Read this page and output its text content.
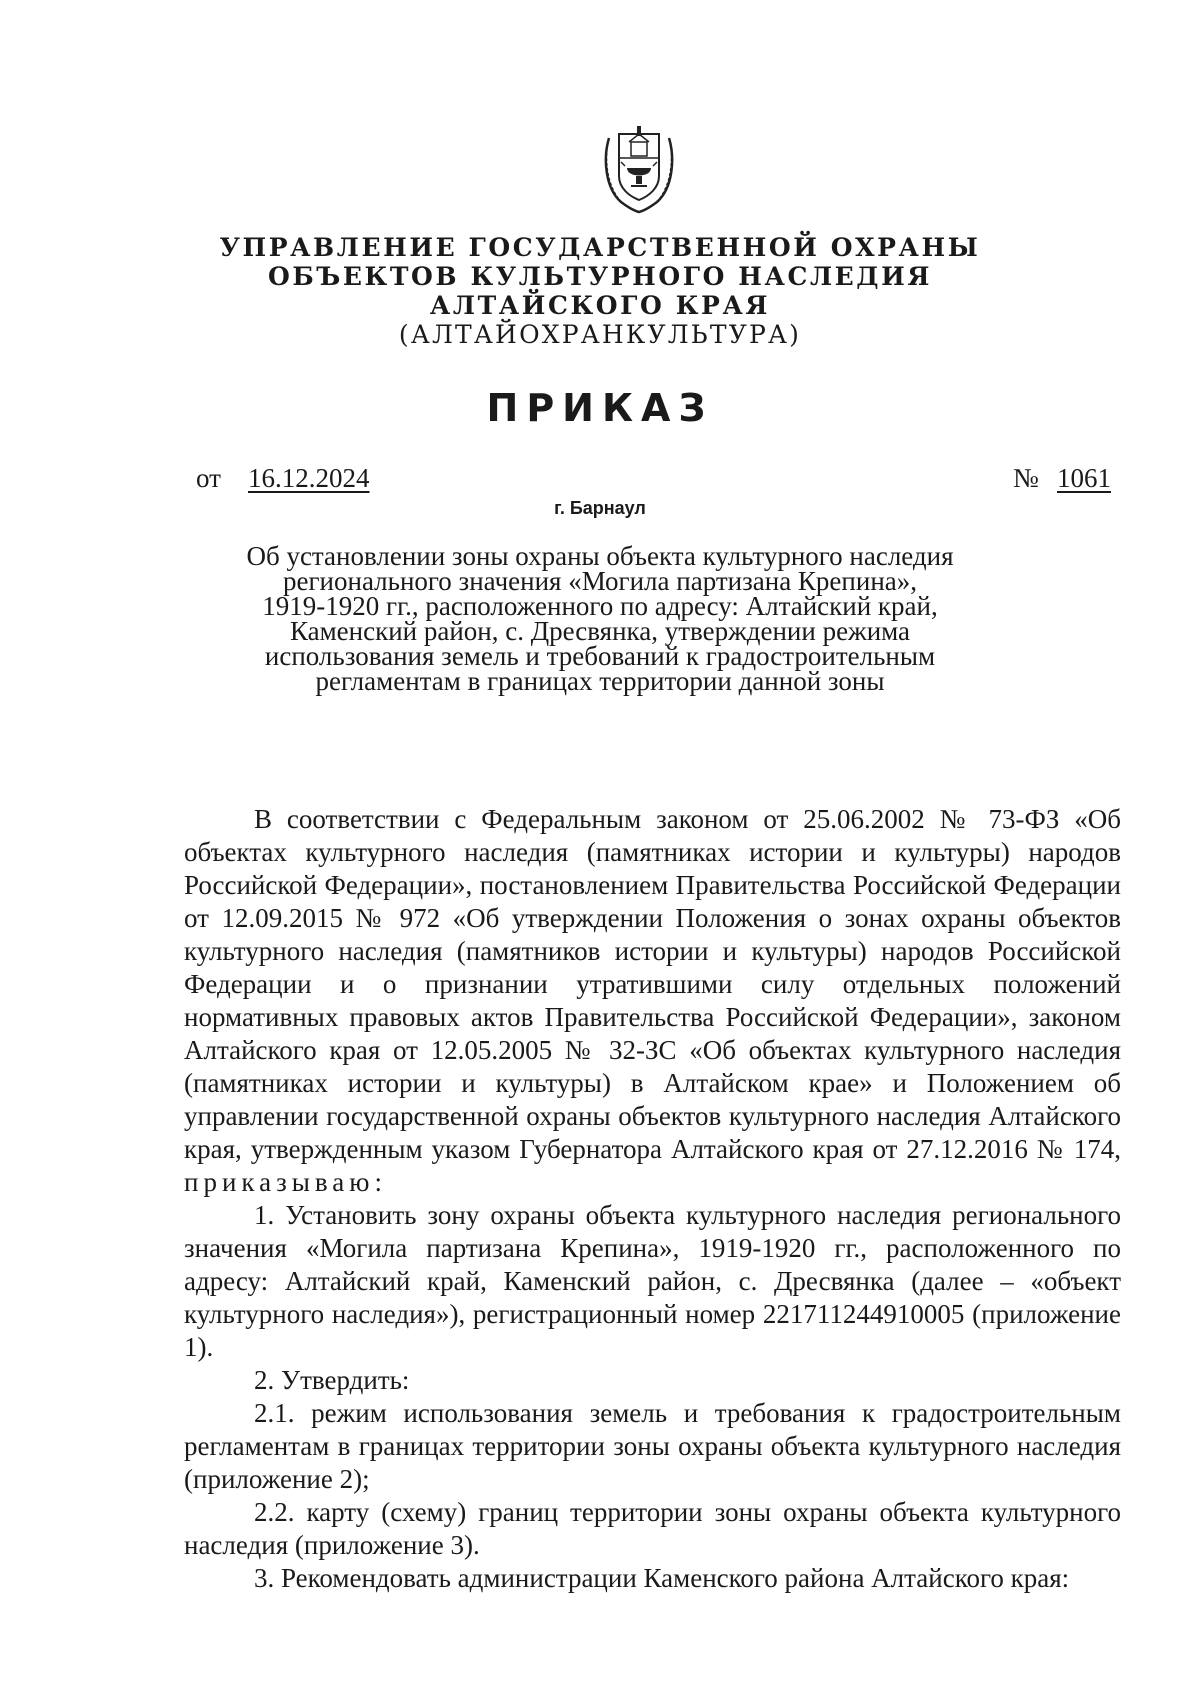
УПРАВЛЕНИЕ ГОСУДАРСТВЕННОЙ ОХРАНЫ
ОБЪЕКТОВ КУЛЬТУРНОГО НАСЛЕДИЯ
АЛТАЙСКОГО КРАЯ
(АЛТАЙОХРАНКУЛЬТУРА)
ПРИКАЗ
от 16.12.2024	№ 1061
г. Барнаул
Об установлении зоны охраны объекта культурного наследия
регионального значения «Могила партизана Крепина»,
1919-1920 гг., расположенного по адресу: Алтайский край,
Каменский район, с. Дресвянка, утверждении режима
использования земель и требований к градостроительным
регламентам в границах территории данной зоны

В соответствии с Федеральным законом от 25.06.2002 № 73-ФЗ «Об объектах культурного наследия (памятниках истории и культуры) народов Российской Федерации», постановлением Правительства Российской Федерации от 12.09.2015 № 972 «Об утверждении Положения о зонах охраны объектов культурного наследия (памятников истории и культуры) народов Российской Федерации и о признании утратившими силу отдельных положений нормативных правовых актов Правительства Российской Федерации», законом Алтайского края от 12.05.2005 № 32-ЗС «Об объектах культурного наследия (памятниках истории и культуры) в Алтайском крае» и Положением об управлении государственной охраны объектов культурного наследия Алтайского края, утвержденным указом Губернатора Алтайского края от 27.12.2016 № 174, приказываю:

1. Установить зону охраны объекта культурного наследия регионального значения «Могила партизана Крепина», 1919-1920 гг., расположенного по адресу: Алтайский край, Каменский район, с. Дресвянка (далее – «объект культурного наследия»), регистрационный номер 221711244910005 (приложение 1).

2. Утвердить:

2.1. режим использования земель и требования к градостроительным регламентам в границах территории зоны охраны объекта культурного наследия (приложение 2);

2.2. карту (схему) границ территории зоны охраны объекта культурного наследия (приложение 3).

3. Рекомендовать администрации Каменского района Алтайского края:
